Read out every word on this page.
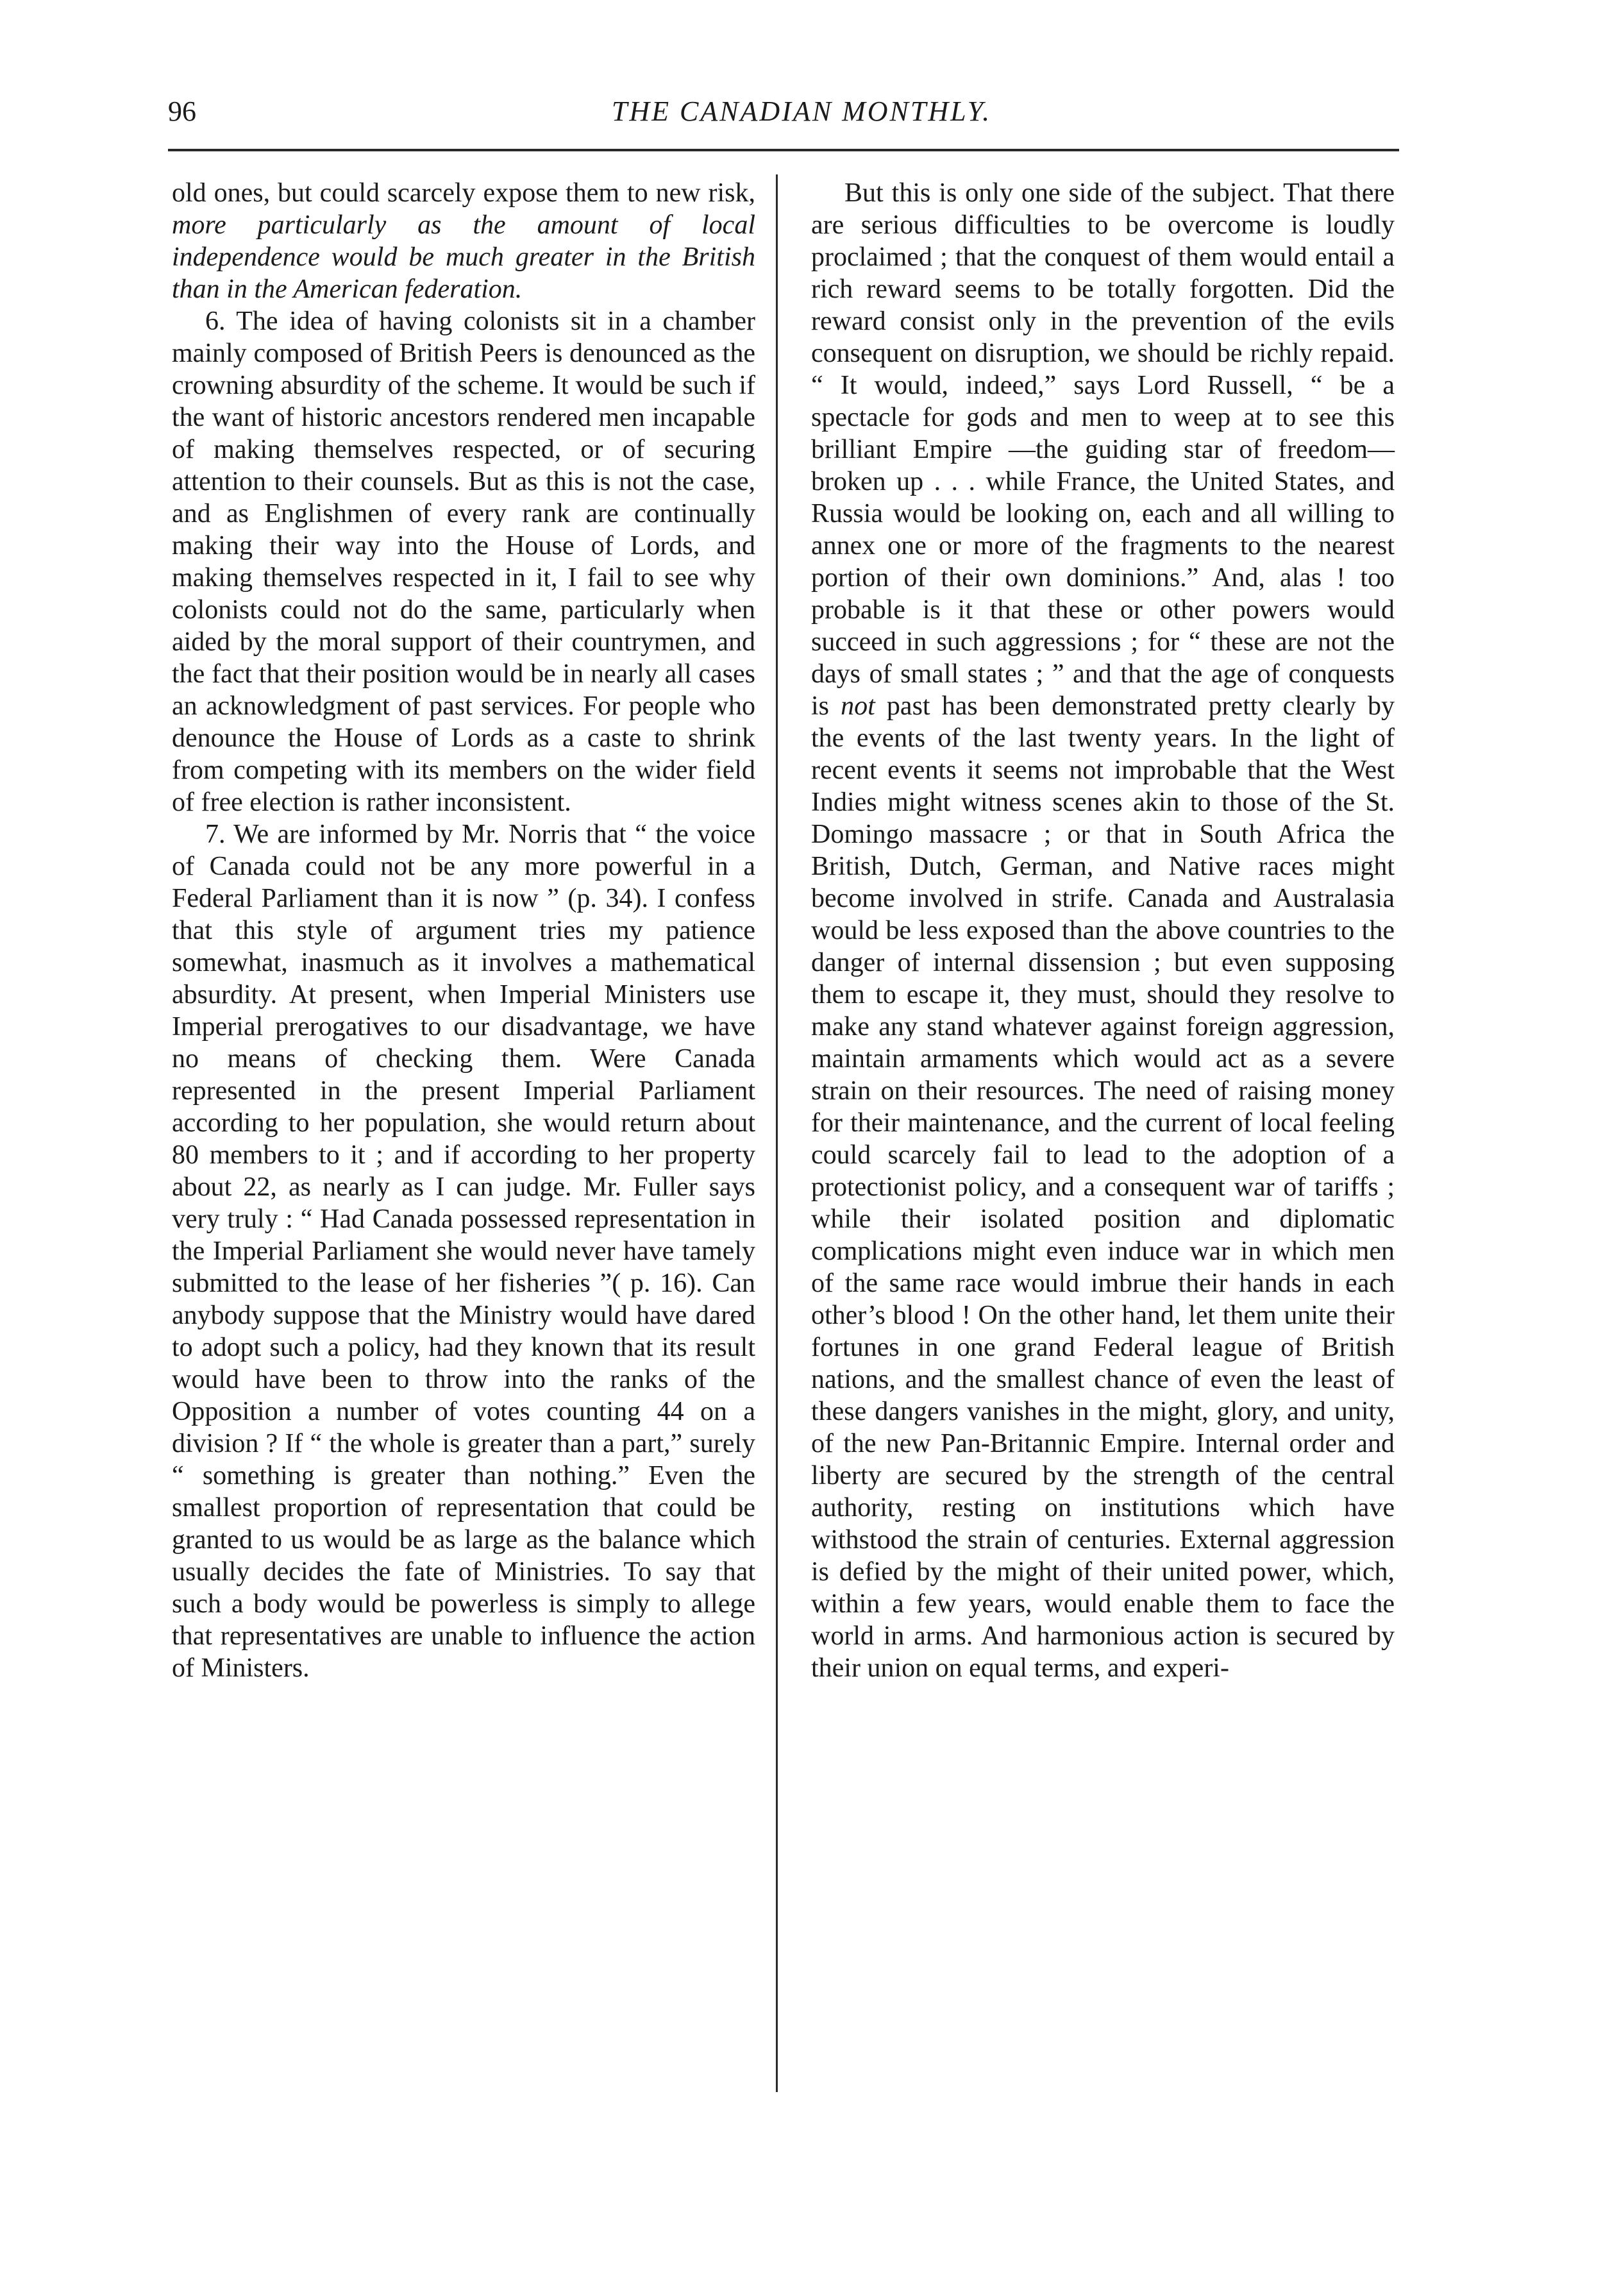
96	THE CANADIAN MONTHLY.

old ones, but could scarcely expose them to new risk, more particularly as the amount of local independence would be much greater in the British than in the American federation.

6. The idea of having colonists sit in a chamber mainly composed of British Peers is denounced as the crowning absurdity of the scheme. It would be such if the want of historic ancestors rendered men incapable of making themselves respected, or of securing attention to their counsels. But as this is not the case, and as Englishmen of every rank are continually making their way into the House of Lords, and making themselves respected in it, I fail to see why colonists could not do the same, particularly when aided by the moral support of their countrymen, and the fact that their position would be in nearly all cases an acknowledgment of past services. For people who denounce the House of Lords as a caste to shrink from competing with its members on the wider field of free election is rather inconsistent.

7. We are informed by Mr. Norris that “ the voice of Canada could not be any more powerful in a Federal Parliament than it is now ” (p. 34). I confess that this style of argument tries my patience somewhat, inasmuch as it involves a mathematical absurdity. At present, when Imperial Ministers use Imperial prerogatives to our disadvantage, we have no means of checking them. Were Canada represented in the present Imperial Parliament according to her population, she would return about 80 members to it ; and if according to her property about 22, as nearly as I can judge. Mr. Fuller says very truly : “ Had Canada possessed representation in the Imperial Parliament she would never have tamely submitted to the lease of her fisheries ”( p. 16). Can anybody suppose that the Ministry would have dared to adopt such a policy, had they known that its result would have been to throw into the ranks of the Opposition a number of votes counting 44 on a division ? If “ the whole is greater than a part,” surely “ something is greater than nothing.” Even the smallest proportion of representation that could be granted to us would be as large as the balance which usually decides the fate of Ministries. To say that such a body would be powerless is simply to allege that representatives are unable to influence the action of Ministers.

But this is only one side of the subject. That there are serious difficulties to be overcome is loudly proclaimed ; that the conquest of them would entail a rich reward seems to be totally forgotten. Did the reward consist only in the prevention of the evils consequent on disruption, we should be richly repaid. “ It would, indeed,” says Lord Russell, “ be a spectacle for gods and men to weep at to see this brilliant Empire —the guiding star of freedom—broken up . . . while France, the United States, and Russia would be looking on, each and all willing to annex one or more of the fragments to the nearest portion of their own dominions.” And, alas ! too probable is it that these or other powers would succeed in such aggressions ; for “ these are not the days of small states ; ” and that the age of conquests is not past has been demonstrated pretty clearly by the events of the last twenty years. In the light of recent events it seems not improbable that the West Indies might witness scenes akin to those of the St. Domingo massacre ; or that in South Africa the British, Dutch, German, and Native races might become involved in strife. Canada and Australasia would be less exposed than the above countries to the danger of internal dissension ; but even supposing them to escape it, they must, should they resolve to make any stand whatever against foreign aggression, maintain armaments which would act as a severe strain on their resources. The need of raising money for their maintenance, and the current of local feeling could scarcely fail to lead to the adoption of a protectionist policy, and a consequent war of tariffs ; while their isolated position and diplomatic complications might even induce war in which men of the same race would imbrue their hands in each other’s blood ! On the other hand, let them unite their fortunes in one grand Federal league of British nations, and the smallest chance of even the least of these dangers vanishes in the might, glory, and unity, of the new Pan-Britannic Empire. Internal order and liberty are secured by the strength of the central authority, resting on institutions which have withstood the strain of centuries. External aggression is defied by the might of their united power, which, within a few years, would enable them to face the world in arms. And harmonious action is secured by their union on equal terms, and experi-
